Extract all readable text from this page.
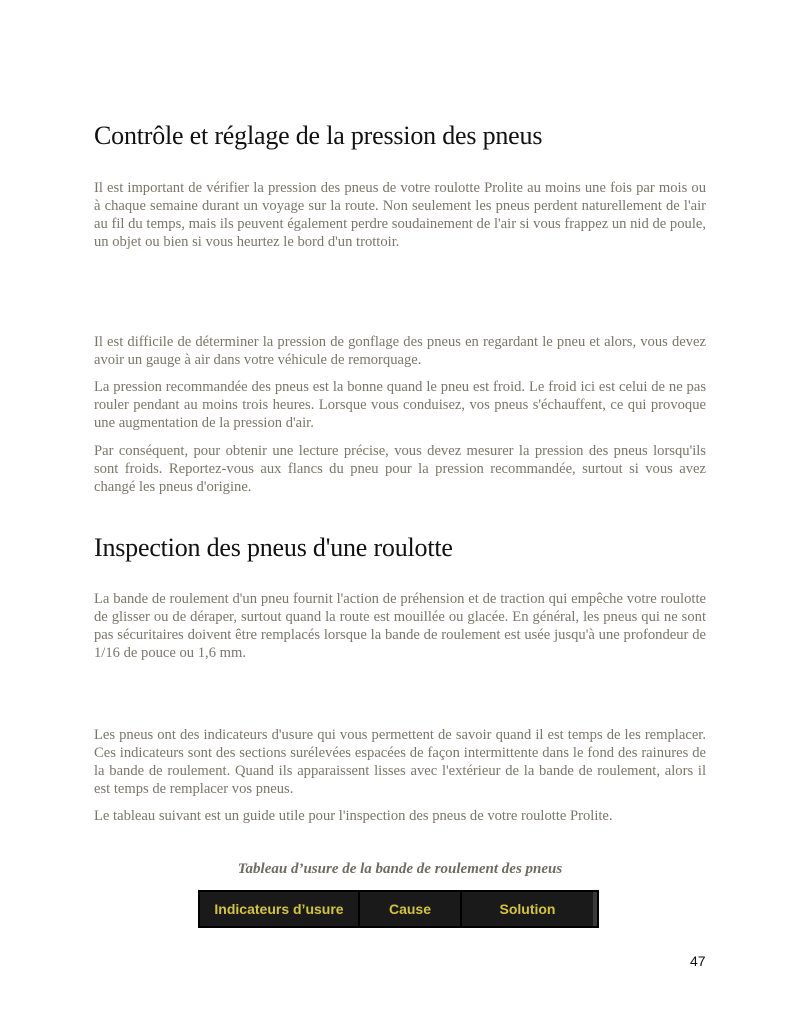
Contrôle et réglage de la pression des pneus

Il est important de vérifier la pression des pneus de votre roulotte Prolite au moins une fois par mois ou à chaque semaine durant un voyage sur la route. Non seulement les pneus perdent naturellement de l'air au fil du temps, mais ils peuvent également perdre soudainement de l'air si vous frappez un nid de poule, un objet ou bien si vous heurtez le bord d'un trottoir.

Il est difficile de déterminer la pression de gonflage des pneus en regardant le pneu et alors, vous devez avoir un gauge à air dans votre véhicule de remorquage.

La pression recommandée des pneus est la bonne quand le pneu est froid. Le froid ici est celui de ne pas rouler pendant au moins trois heures. Lorsque vous conduisez, vos pneus s'échauffent, ce qui provoque une augmentation de la pression d'air.

Par conséquent, pour obtenir une lecture précise, vous devez mesurer la pression des pneus lorsqu'ils sont froids. Reportez-vous aux flancs du pneu pour la pression recommandée, surtout si vous avez changé les pneus d'origine.

Inspection des pneus d'une roulotte

La bande de roulement d'un pneu fournit l'action de préhension et de traction qui empêche votre roulotte de glisser ou de déraper, surtout quand la route est mouillée ou glacée. En général, les pneus qui ne sont pas sécuritaires doivent être remplacés lorsque la bande de roulement est usée jusqu'à une profondeur de 1/16 de pouce ou 1,6 mm.

Les pneus ont des indicateurs d'usure qui vous permettent de savoir quand il est temps de les remplacer. Ces indicateurs sont des sections surélevées espacées de façon intermittente dans le fond des rainures de la bande de roulement. Quand ils apparaissent lisses avec l'extérieur de la bande de roulement, alors il est temps de remplacer vos pneus.

Le tableau suivant est un guide utile pour l'inspection des pneus de votre roulotte Prolite.

Tableau d’usure de la bande de roulement des pneus
Indicateurs d’usure	Cause	Solution
47
